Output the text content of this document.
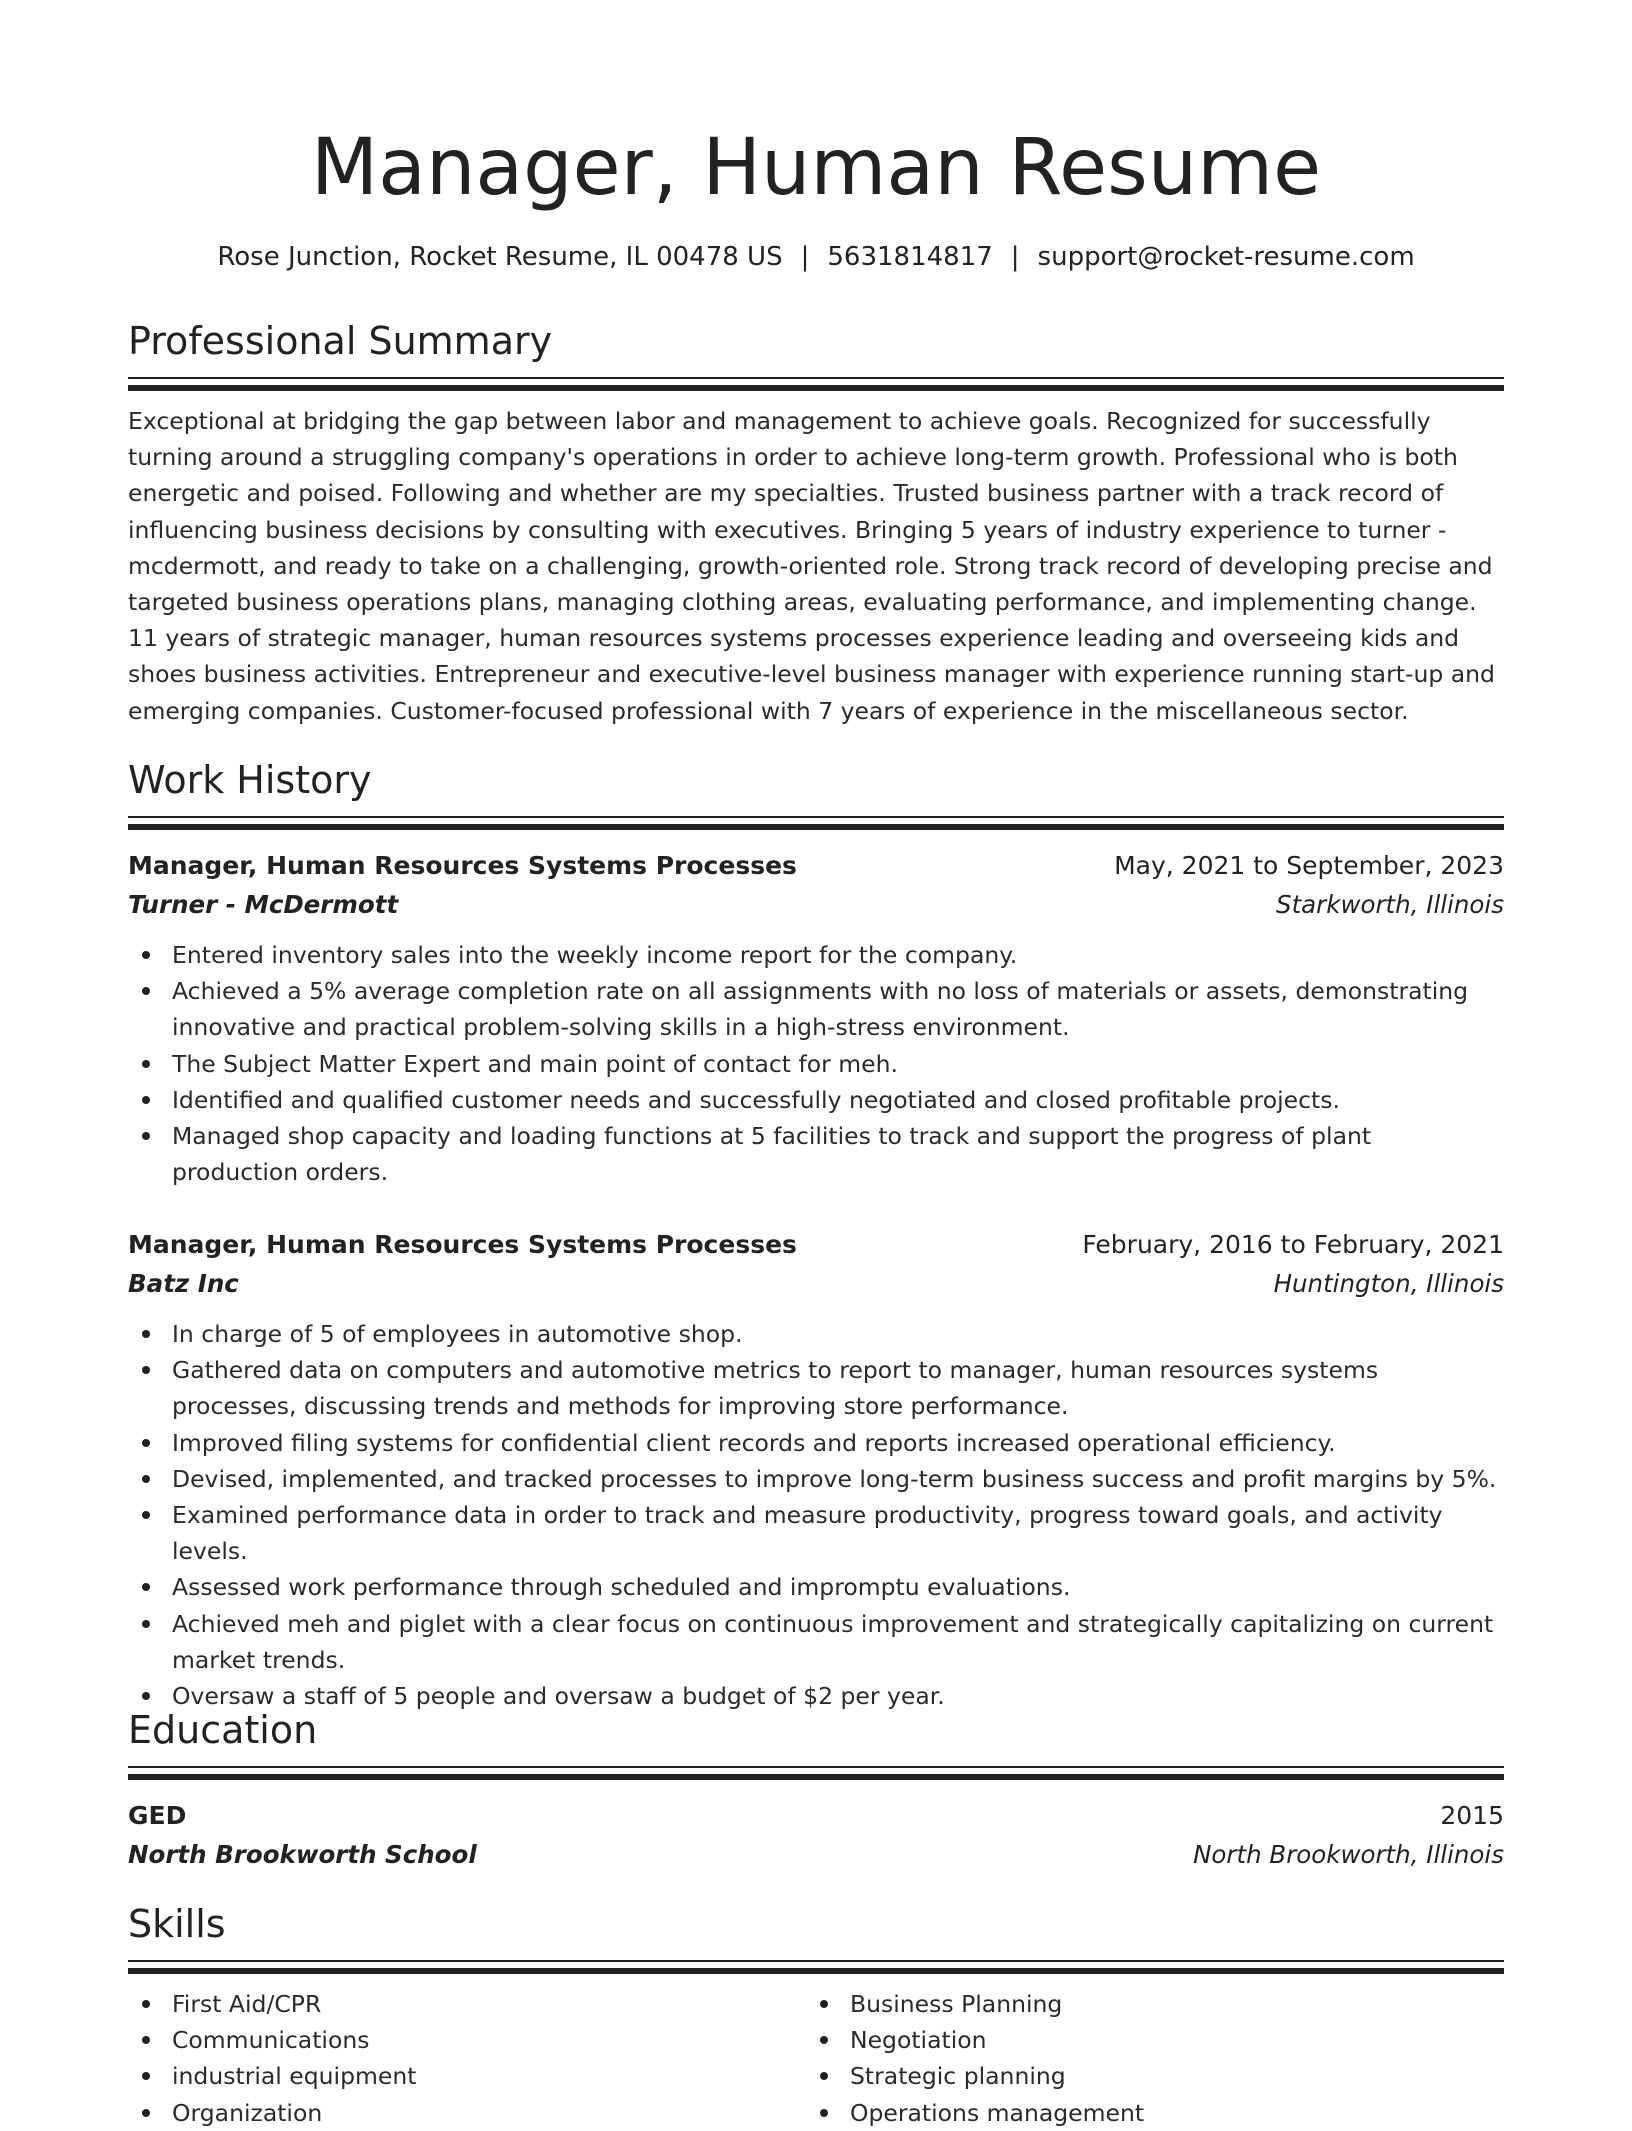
Manager, Human Resume
Rose Junction, Rocket Resume, IL 00478 US | 5631814817 | support@rocket-resume.com
Professional Summary
Exceptional at bridging the gap between labor and management to achieve goals. Recognized for successfully turning around a struggling company's operations in order to achieve long-term growth. Professional who is both energetic and poised. Following and whether are my specialties. Trusted business partner with a track record of influencing business decisions by consulting with executives. Bringing 5 years of industry experience to turner - mcdermott, and ready to take on a challenging, growth-oriented role. Strong track record of developing precise and targeted business operations plans, managing clothing areas, evaluating performance, and implementing change. 11 years of strategic manager, human resources systems processes experience leading and overseeing kids and shoes business activities. Entrepreneur and executive-level business manager with experience running start-up and emerging companies. Customer-focused professional with 7 years of experience in the miscellaneous sector.
Work History
Manager, Human Resources Systems Processes	May, 2021 to September, 2023
Turner - McDermott	Starkworth, Illinois
Entered inventory sales into the weekly income report for the company.
Achieved a 5% average completion rate on all assignments with no loss of materials or assets, demonstrating innovative and practical problem-solving skills in a high-stress environment.
The Subject Matter Expert and main point of contact for meh.
Identified and qualified customer needs and successfully negotiated and closed profitable projects.
Managed shop capacity and loading functions at 5 facilities to track and support the progress of plant production orders.
Manager, Human Resources Systems Processes	February, 2016 to February, 2021
Batz Inc	Huntington, Illinois
In charge of 5 of employees in automotive shop.
Gathered data on computers and automotive metrics to report to manager, human resources systems processes, discussing trends and methods for improving store performance.
Improved filing systems for confidential client records and reports increased operational efficiency.
Devised, implemented, and tracked processes to improve long-term business success and profit margins by 5%.
Examined performance data in order to track and measure productivity, progress toward goals, and activity levels.
Assessed work performance through scheduled and impromptu evaluations.
Achieved meh and piglet with a clear focus on continuous improvement and strategically capitalizing on current market trends.
Oversaw a staff of 5 people and oversaw a budget of $2 per year.
Education
GED	2015
North Brookworth School	North Brookworth, Illinois
Skills
First Aid/CPR
Communications
industrial equipment
Organization
Business Planning
Negotiation
Strategic planning
Operations management
